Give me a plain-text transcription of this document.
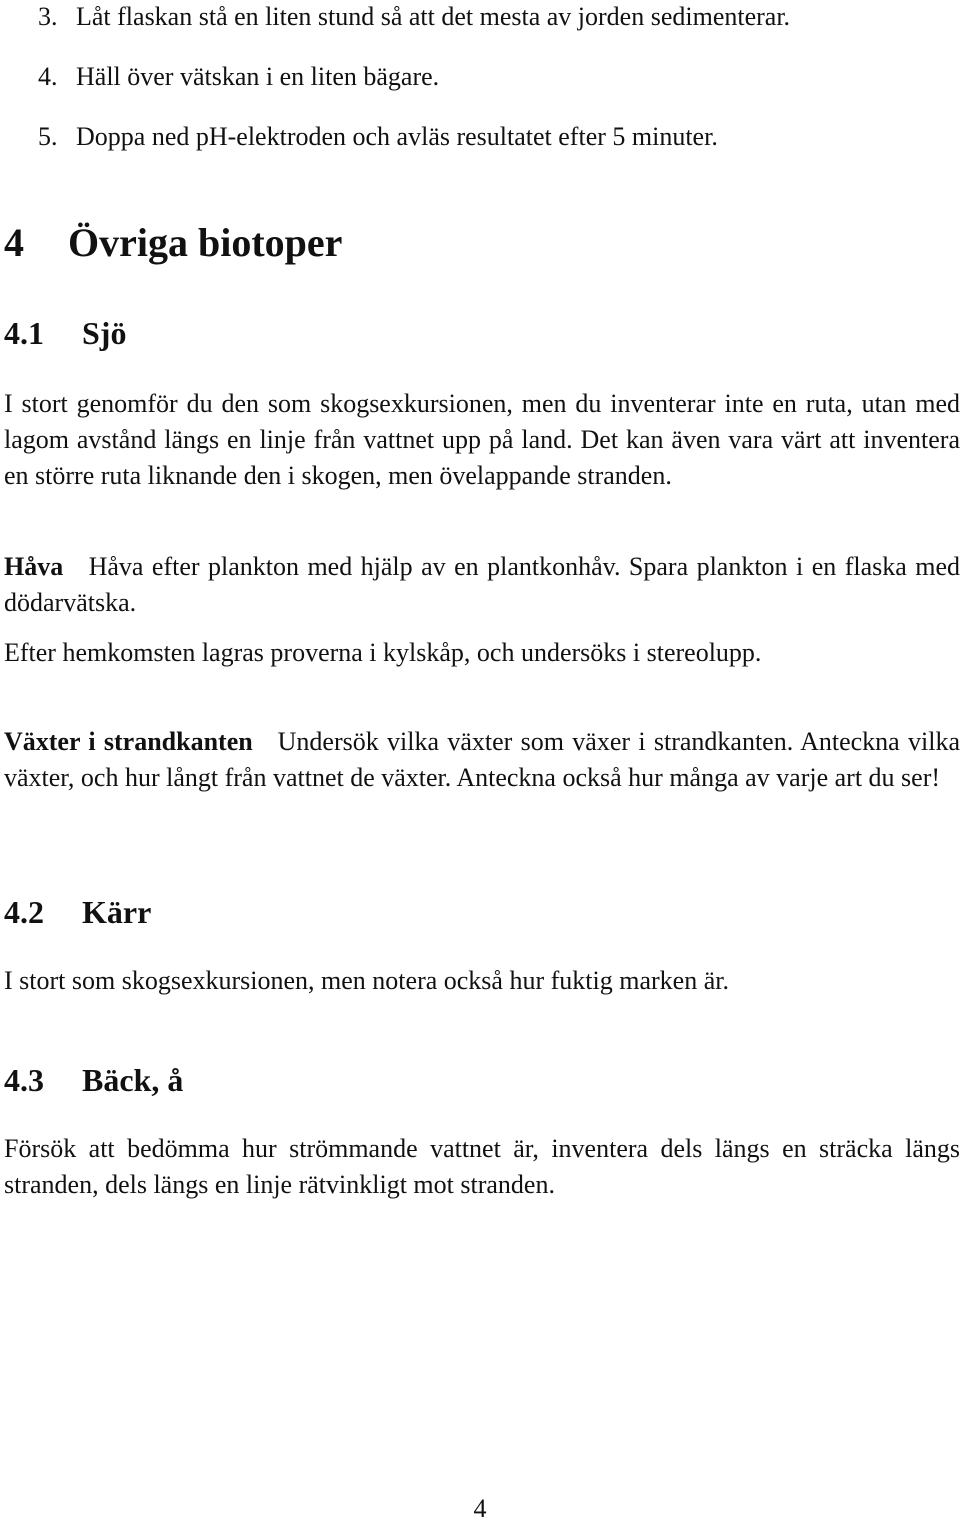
3. Låt flaskan stå en liten stund så att det mesta av jorden sedimenterar.
4. Häll över vätskan i en liten bägare.
5. Doppa ned pH-elektroden och avläs resultatet efter 5 minuter.
4 Övriga biotoper
4.1 Sjö

I stort genomför du den som skogsexkursionen, men du inventerar inte en ruta, utan med lagom avstånd längs en linje från vattnet upp på land. Det kan även vara värt att inventera en större ruta liknande den i skogen, men övelappande stranden.

Håva Håva efter plankton med hjälp av en plantkonhåv. Spara plankton i en flaska med dödarvätska.

Efter hemkomsten lagras proverna i kylskåp, och undersöks i stereolupp.

Växter i strandkanten Undersök vilka växter som växer i strandkanten. Anteckna vilka växter, och hur långt från vattnet de växter. Anteckna också hur många av varje art du ser!

4.2 Kärr

I stort som skogsexkursionen, men notera också hur fuktig marken är.

4.3 Bäck, å

Försök att bedömma hur strömmande vattnet är, inventera dels längs en sträcka längs stranden, dels längs en linje rätvinkligt mot stranden.

4
